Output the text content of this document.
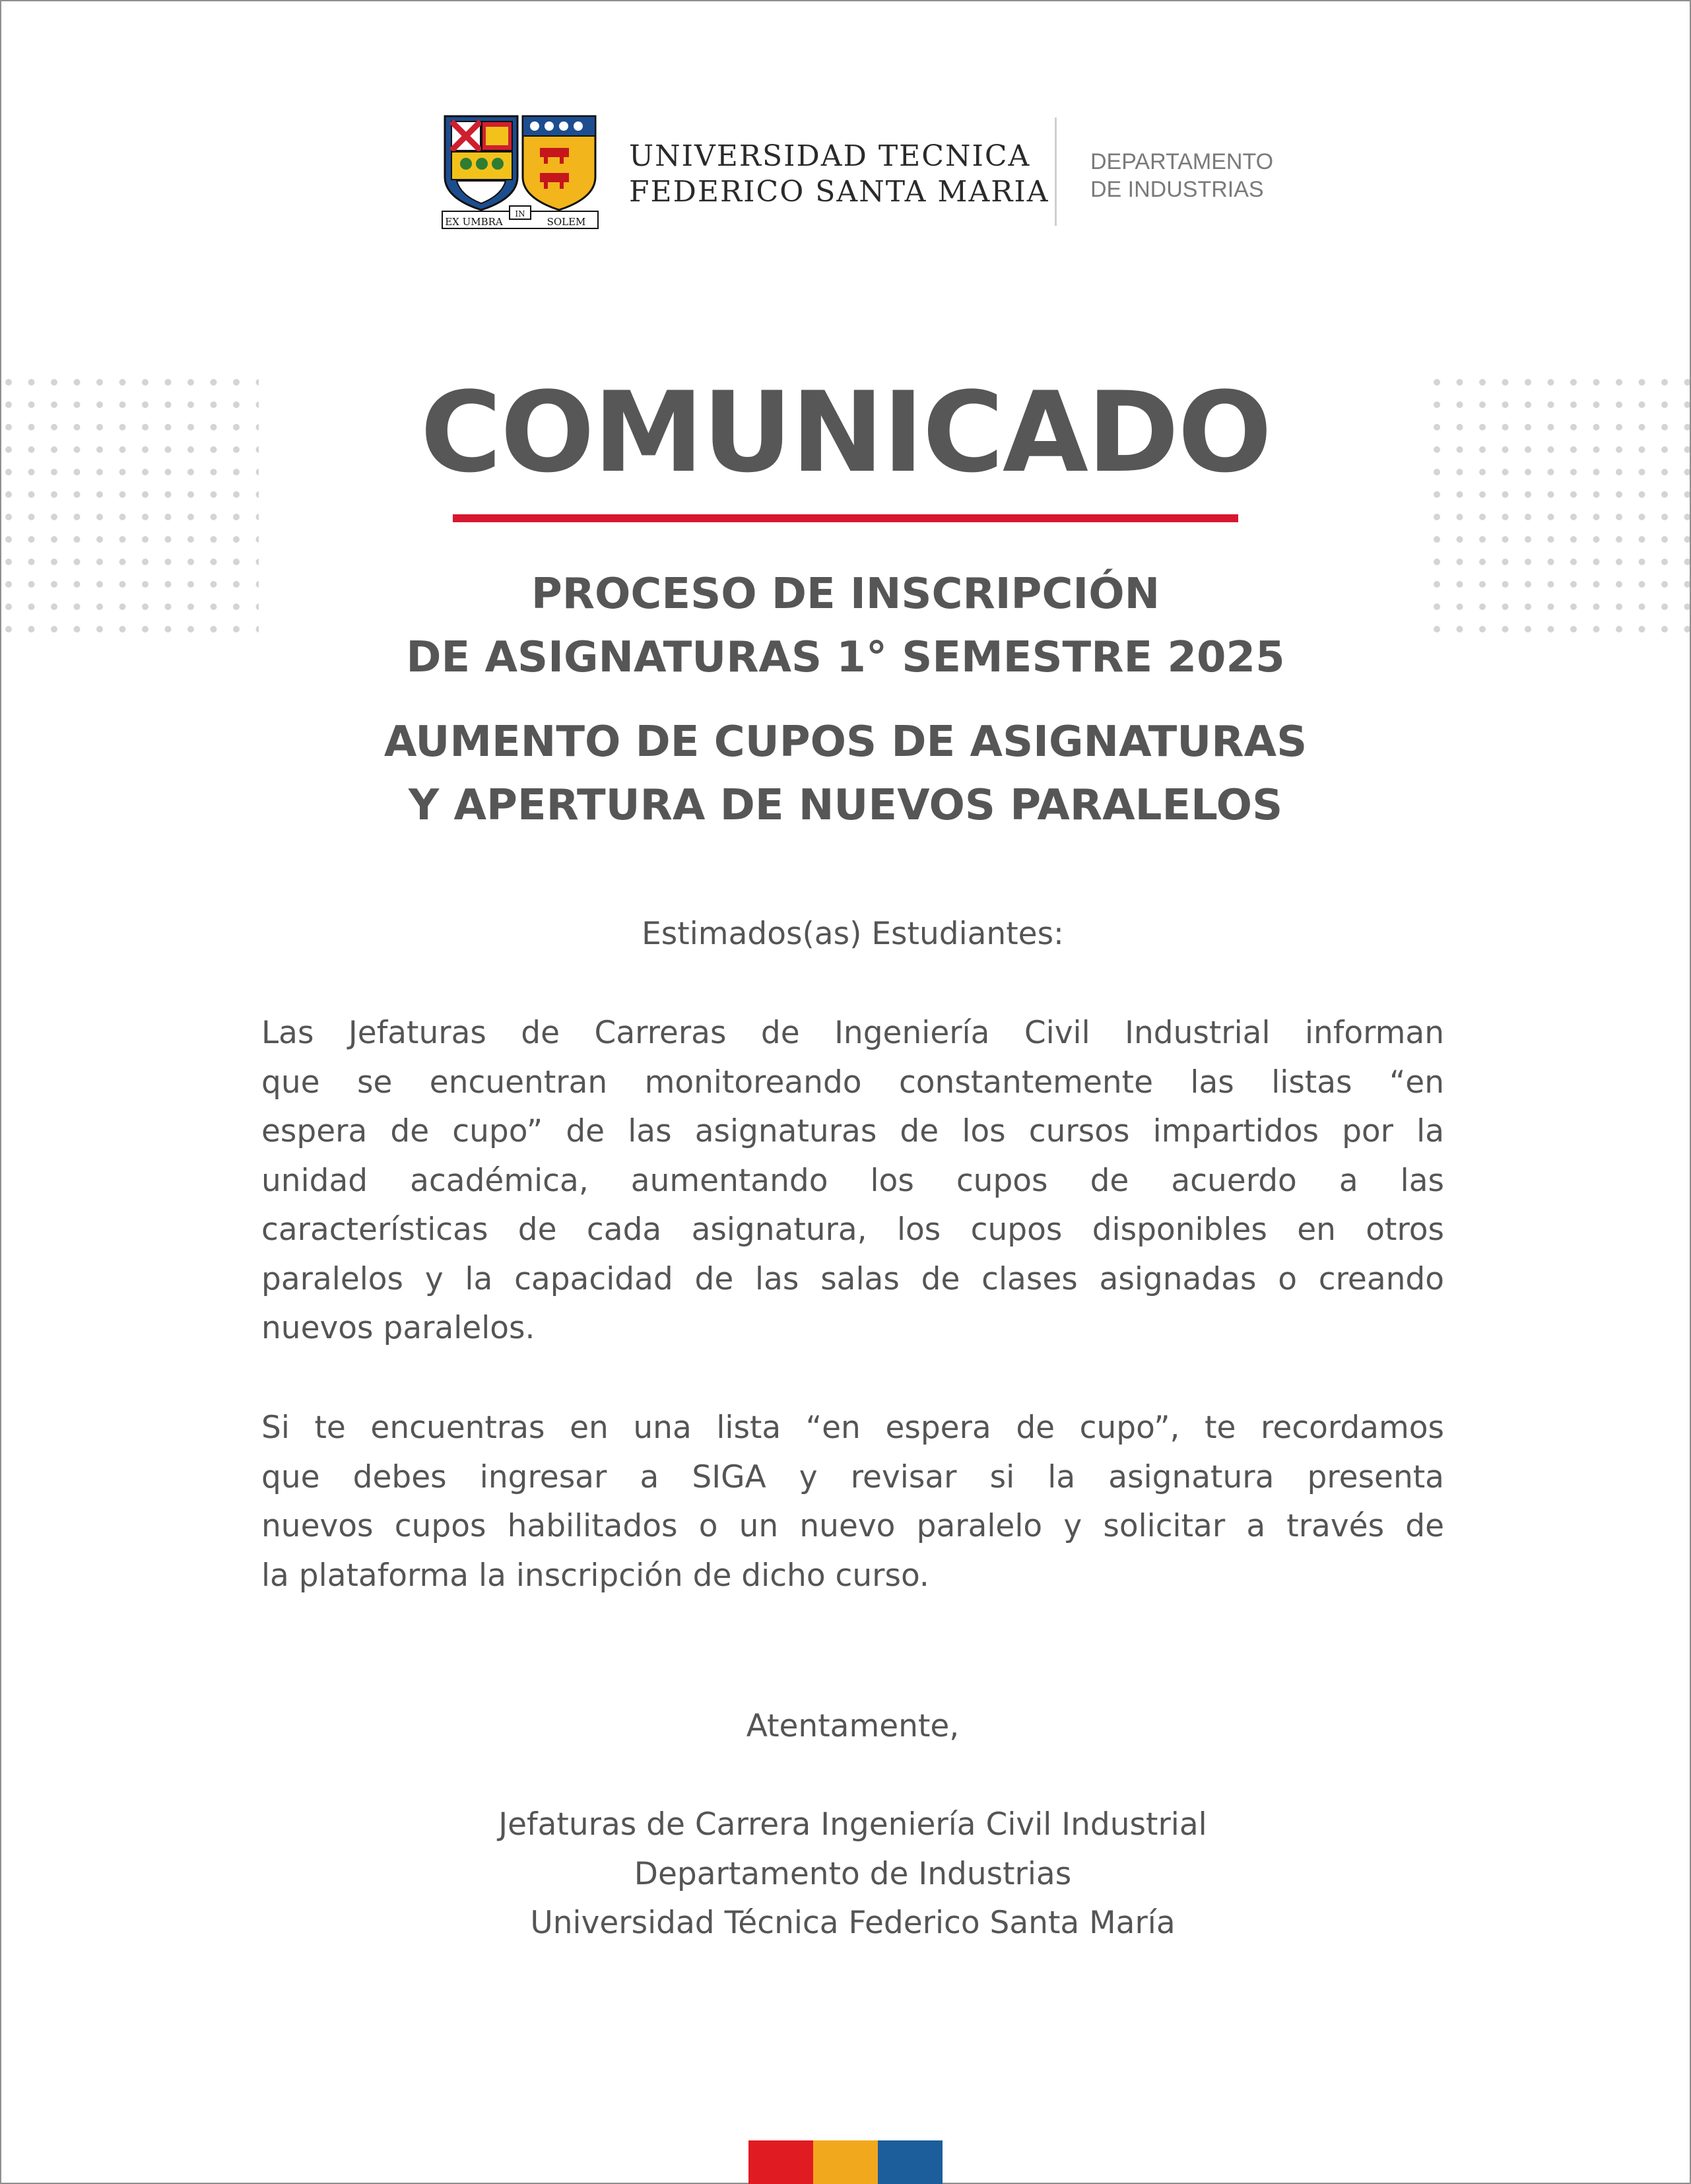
EX UMBRA
IN
SOLEM
UNIVERSIDAD TECNICA
FEDERICO SANTA MARIA
DEPARTAMENTO
DE INDUSTRIAS
COMUNICADO
PROCESO DE INSCRIPCIÓN
DE ASIGNATURAS 1° SEMESTRE 2025
AUMENTO DE CUPOS DE ASIGNATURAS
Y APERTURA DE NUEVOS PARALELOS
Estimados(as) Estudiantes:
Las Jefaturas de Carreras de Ingeniería Civil Industrial informan
que se encuentran monitoreando constantemente las listas “en
espera de cupo” de las asignaturas de los cursos impartidos por la
unidad académica, aumentando los cupos de acuerdo a las
características de cada asignatura, los cupos disponibles en otros
paralelos y la capacidad de las salas de clases asignadas o creando
nuevos paralelos.
Si te encuentras en una lista “en espera de cupo”, te recordamos
que debes ingresar a SIGA y revisar si la asignatura presenta
nuevos cupos habilitados o un nuevo paralelo y solicitar a través de
la plataforma la inscripción de dicho curso.
Atentamente,
Jefaturas de Carrera Ingeniería Civil Industrial
Departamento de Industrias
Universidad Técnica Federico Santa María
